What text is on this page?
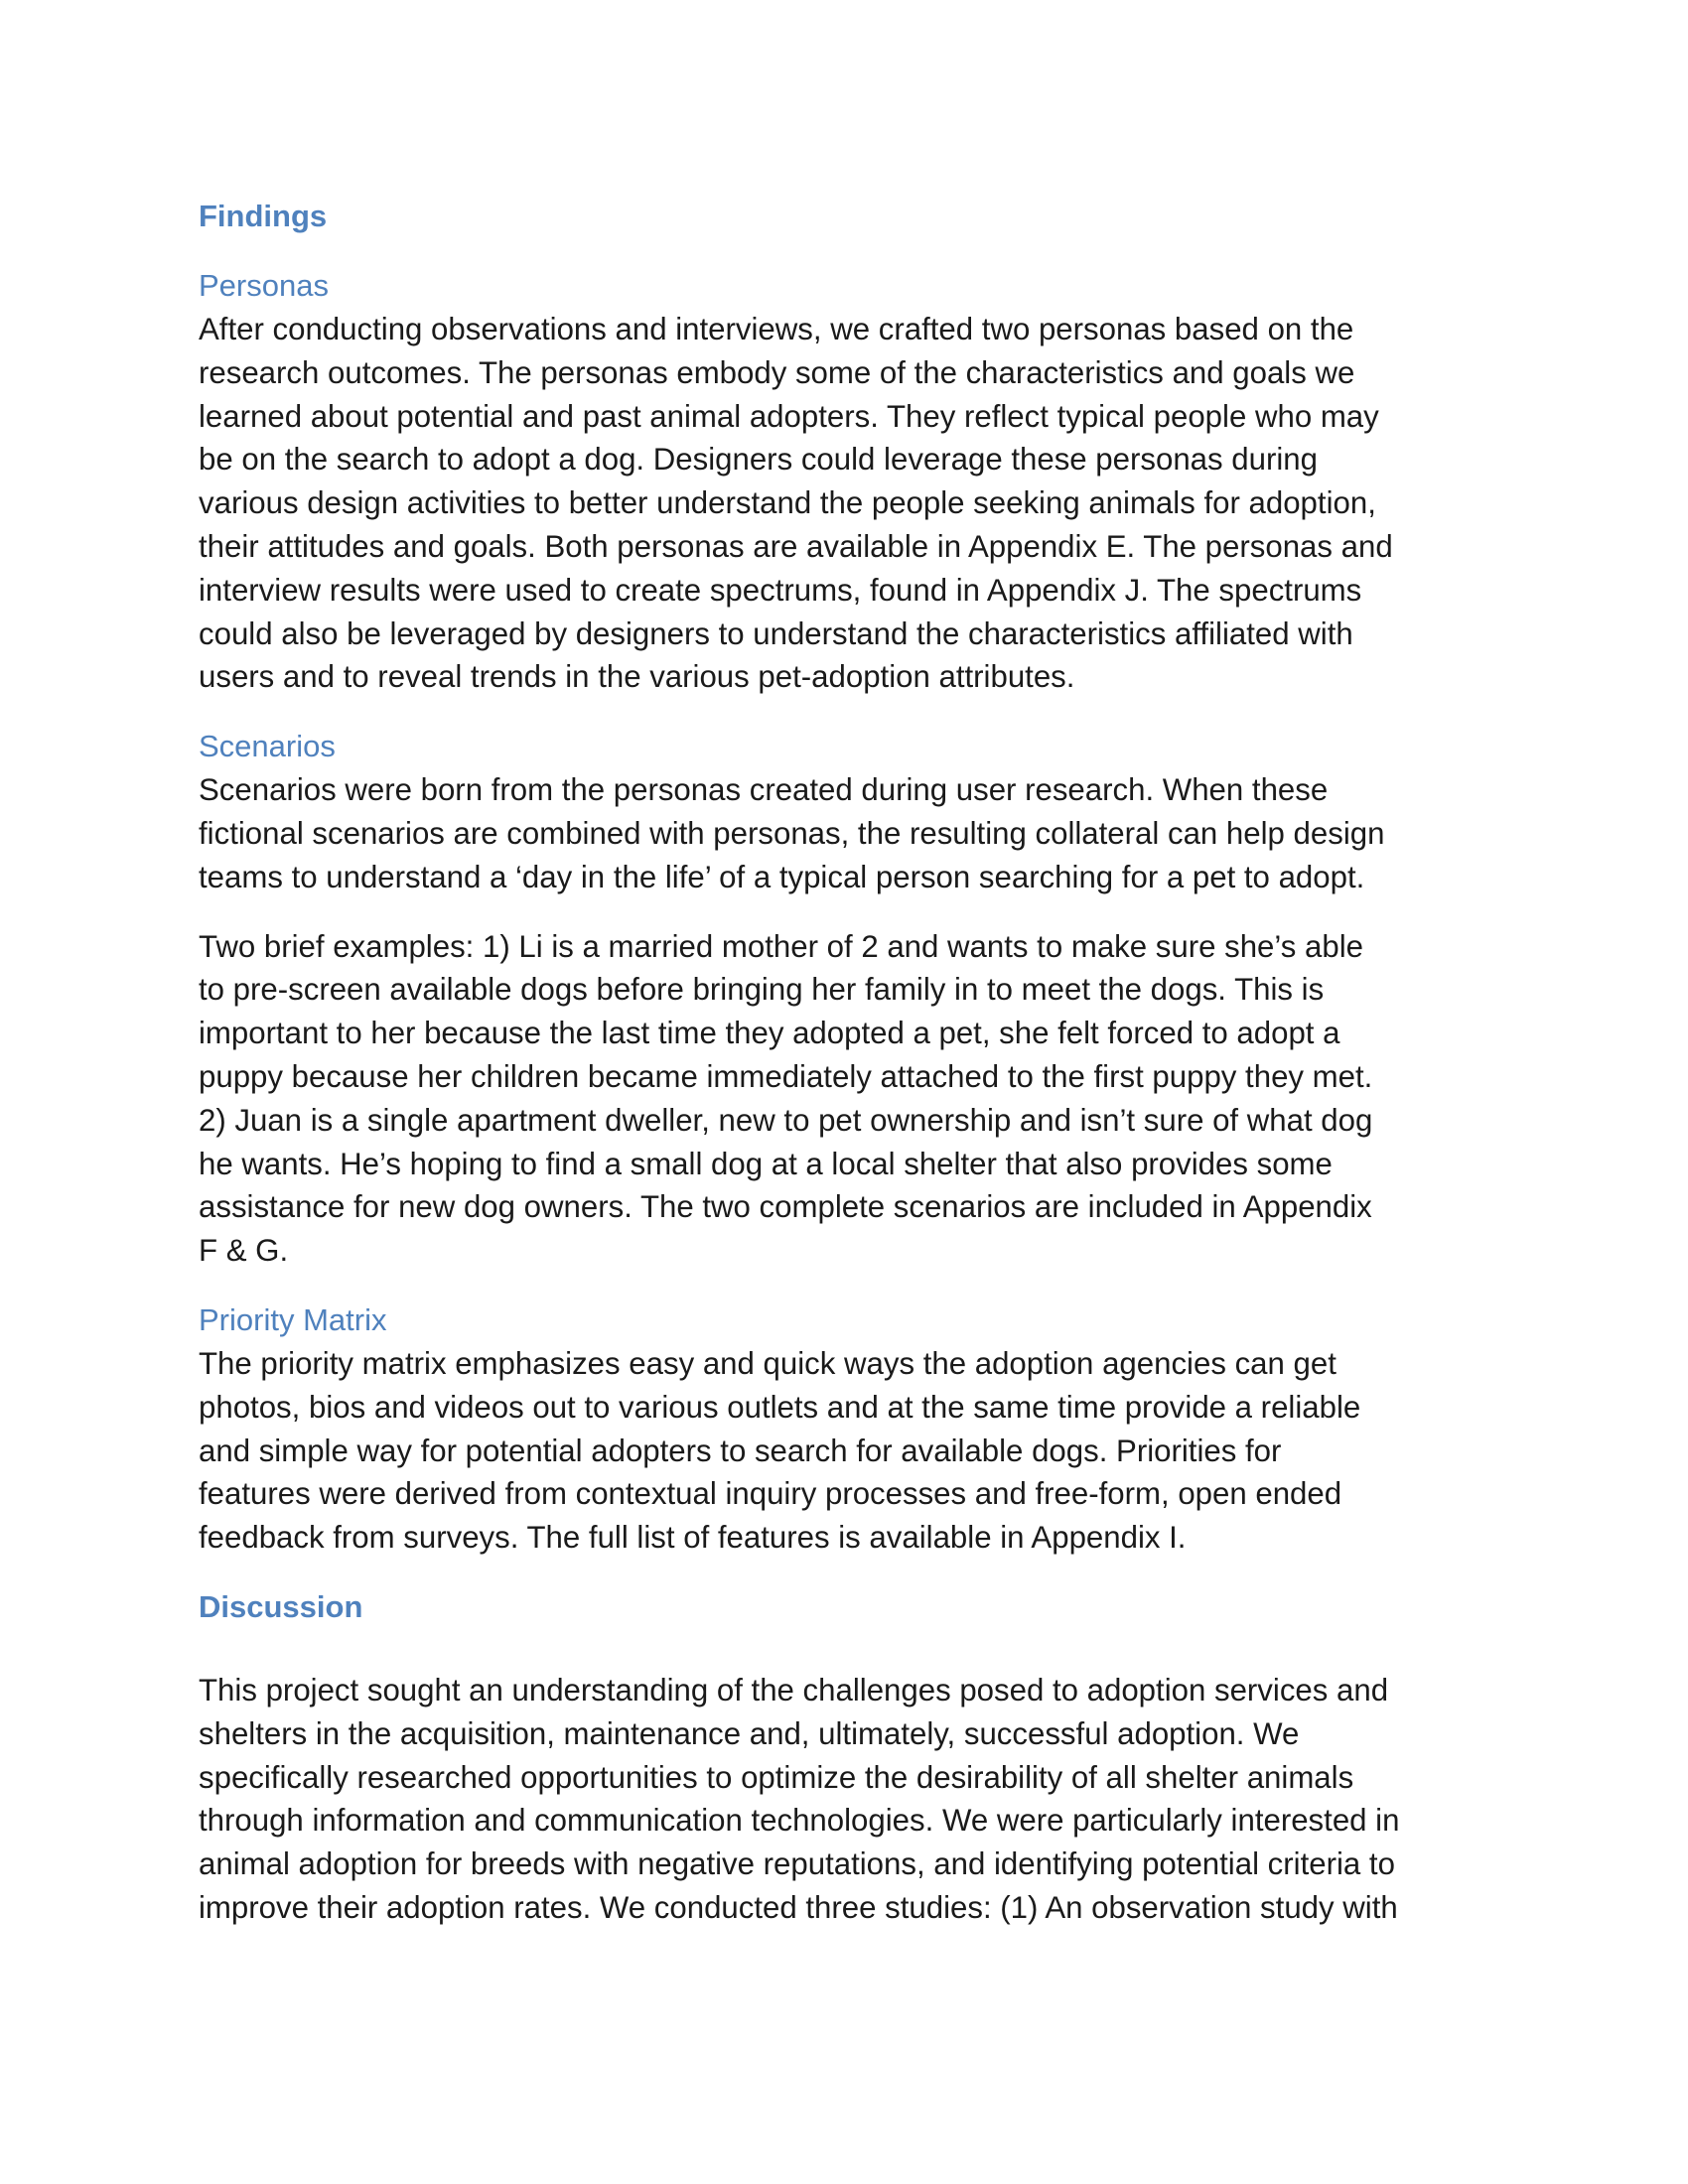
Findings
Personas
After conducting observations and interviews, we crafted two personas based on the
research outcomes. The personas embody some of the characteristics and goals we
learned about potential and past animal adopters. They reflect typical people who may
be on the search to adopt a dog. Designers could leverage these personas during
various design activities to better understand the people seeking animals for adoption,
their attitudes and goals. Both personas are available in Appendix E. The personas and
interview results were used to create spectrums, found in Appendix J. The spectrums
could also be leveraged by designers to understand the characteristics affiliated with
users and to reveal trends in the various pet-adoption attributes.
Scenarios
Scenarios were born from the personas created during user research. When these
fictional scenarios are combined with personas, the resulting collateral can help design
teams to understand a ‘day in the life’ of a typical person searching for a pet to adopt.
Two brief examples: 1) Li is a married mother of 2 and wants to make sure she’s able
to pre-screen available dogs before bringing her family in to meet the dogs. This is
important to her because the last time they adopted a pet, she felt forced to adopt a
puppy because her children became immediately attached to the first puppy they met.
2) Juan is a single apartment dweller, new to pet ownership and isn’t sure of what dog
he wants. He’s hoping to find a small dog at a local shelter that also provides some
assistance for new dog owners. The two complete scenarios are included in Appendix
F & G.
Priority Matrix
The priority matrix emphasizes easy and quick ways the adoption agencies can get
photos, bios and videos out to various outlets and at the same time provide a reliable
and simple way for potential adopters to search for available dogs. Priorities for
features were derived from contextual inquiry processes and free-form, open ended
feedback from surveys. The full list of features is available in Appendix I.
Discussion
This project sought an understanding of the challenges posed to adoption services and
shelters in the acquisition, maintenance and, ultimately, successful adoption. We
specifically researched opportunities to optimize the desirability of all shelter animals
through information and communication technologies. We were particularly interested in
animal adoption for breeds with negative reputations, and identifying potential criteria to
improve their adoption rates. We conducted three studies: (1) An observation study with
